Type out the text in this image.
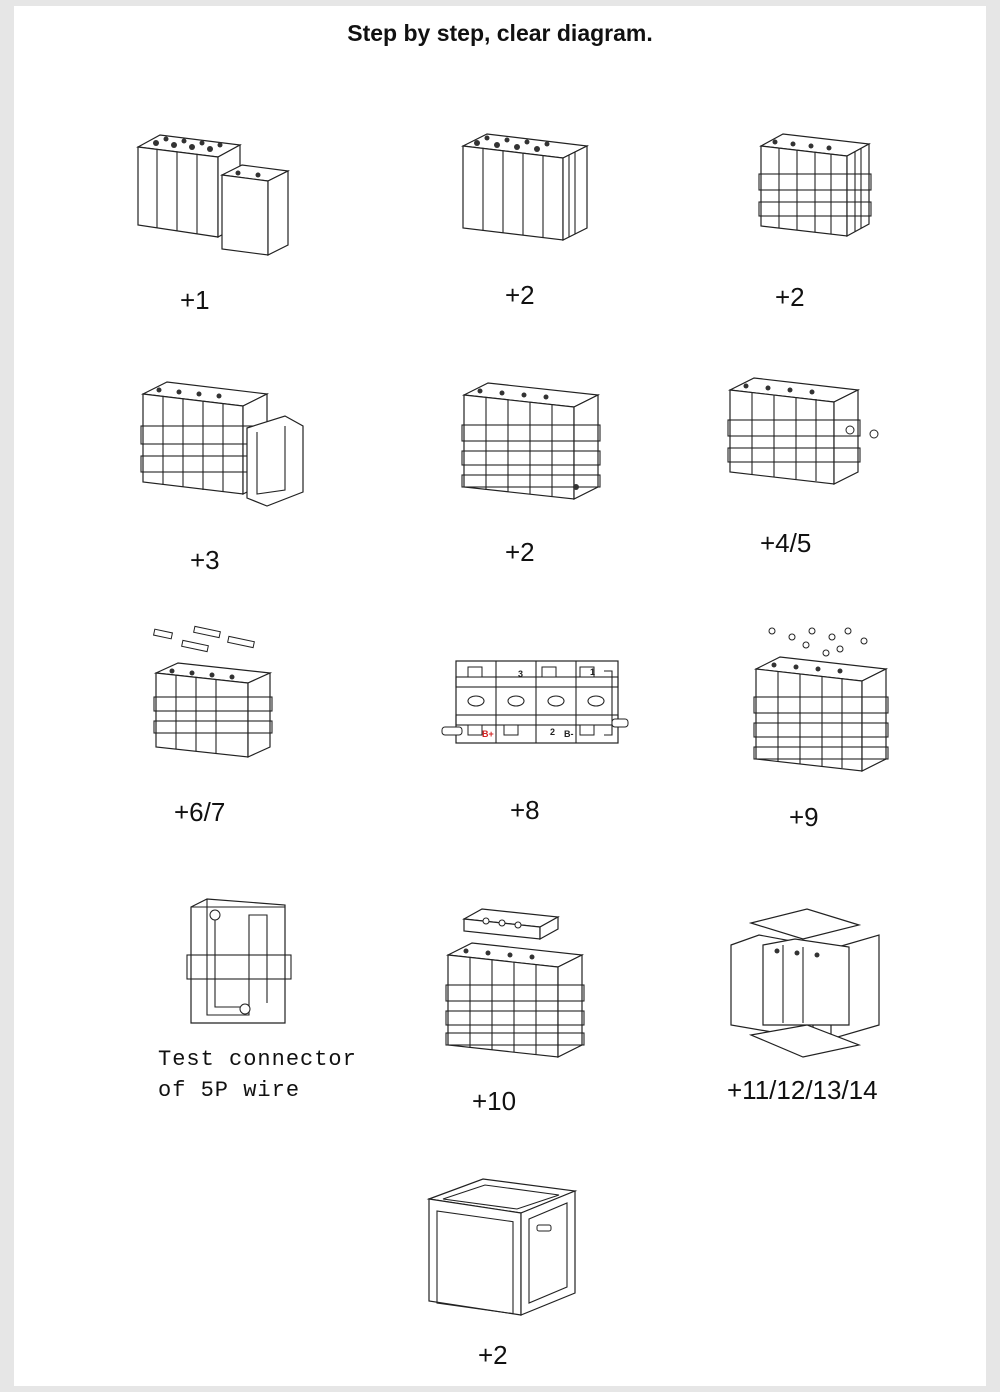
Step by step, clear diagram.
+1	+2	+2
+3	+2	+4/5
+6/7
3	1
B+	2 B-
+8	+9
Test connector
of 5P wire	+10	+11/12/13/14
+2
